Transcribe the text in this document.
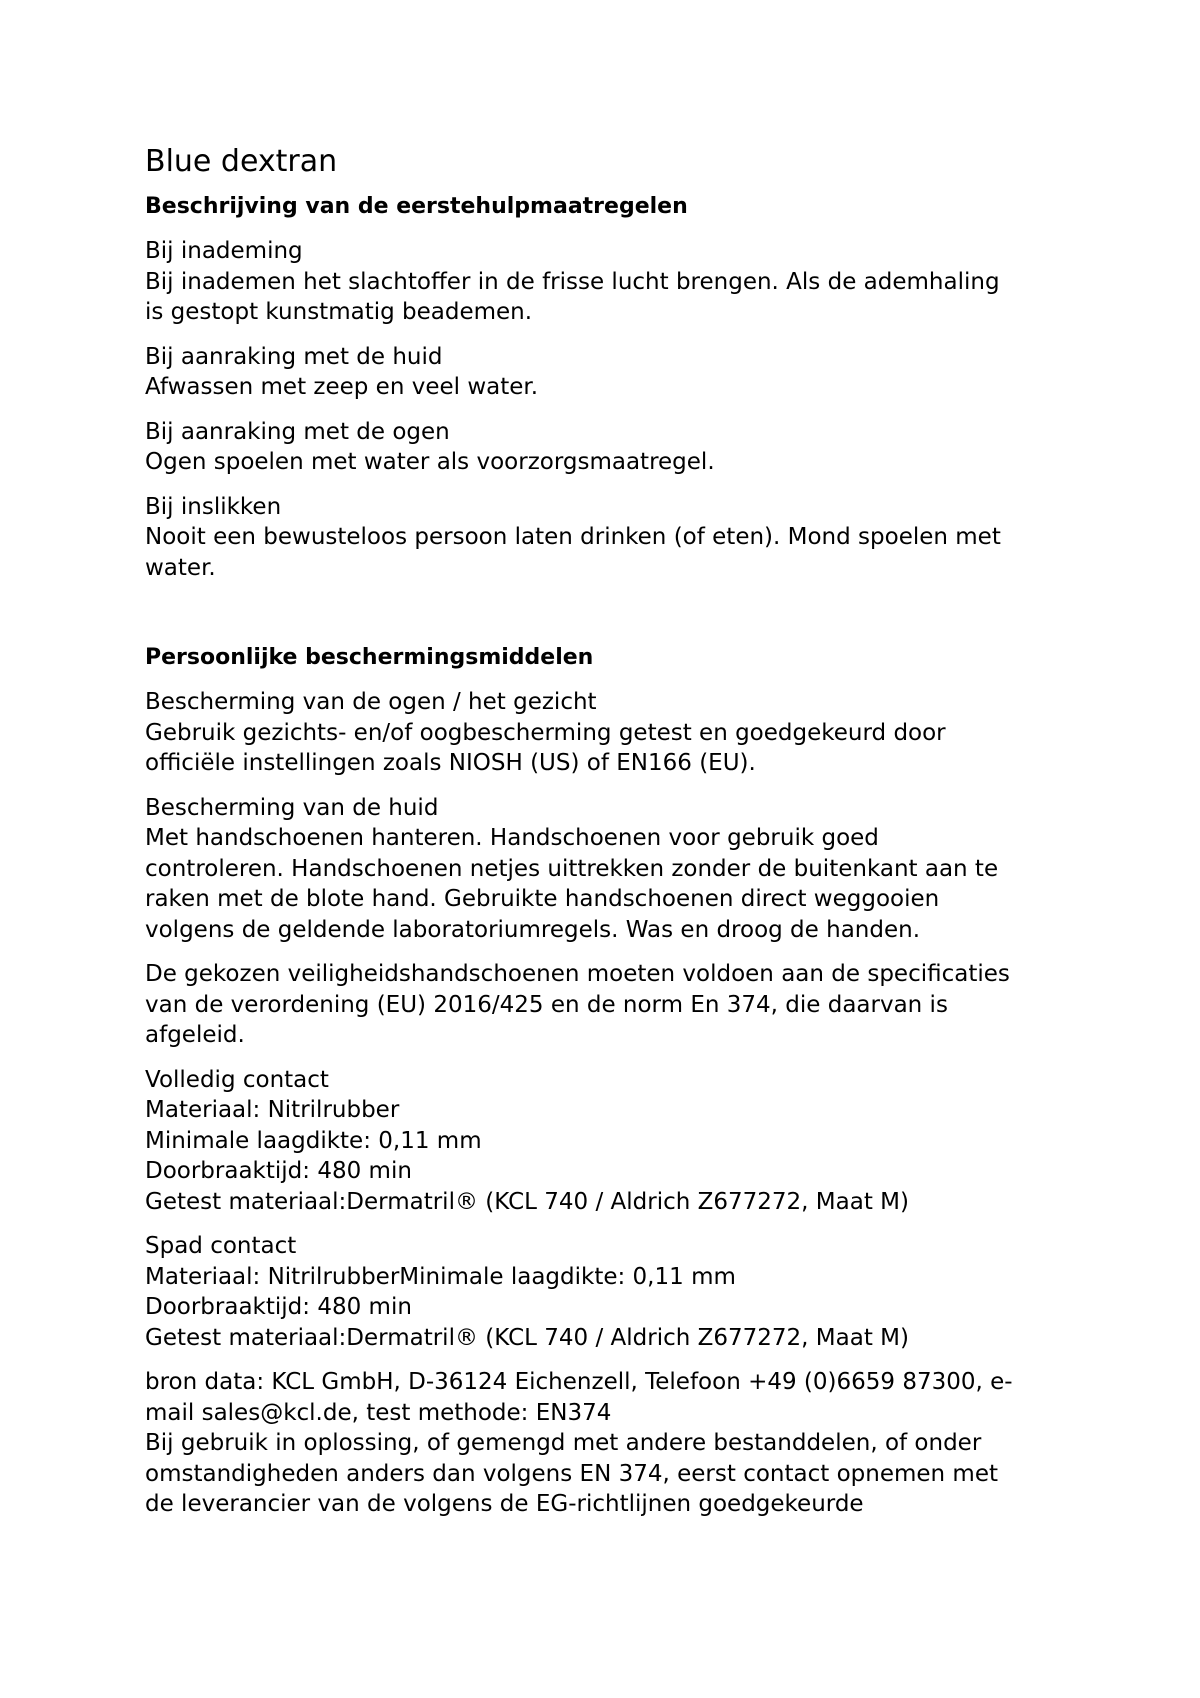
Blue dextran
Beschrijving van de eerstehulpmaatregelen
Bij inademing
Bij inademen het slachtoffer in de frisse lucht brengen. Als de ademhaling
is gestopt kunstmatig beademen.
Bij aanraking met de huid
Afwassen met zeep en veel water.
Bij aanraking met de ogen
Ogen spoelen met water als voorzorgsmaatregel.
Bij inslikken
Nooit een bewusteloos persoon laten drinken (of eten). Mond spoelen met
water.
Persoonlijke beschermingsmiddelen
Bescherming van de ogen / het gezicht
Gebruik gezichts- en/of oogbescherming getest en goedgekeurd door
officiële instellingen zoals NIOSH (US) of EN166 (EU).
Bescherming van de huid
Met handschoenen hanteren. Handschoenen voor gebruik goed
controleren. Handschoenen netjes uittrekken zonder de buitenkant aan te
raken met de blote hand. Gebruikte handschoenen direct weggooien
volgens de geldende laboratoriumregels. Was en droog de handen.
De gekozen veiligheidshandschoenen moeten voldoen aan de specificaties
van de verordening (EU) 2016/425 en de norm En 374, die daarvan is
afgeleid.
Volledig contact
Materiaal: Nitrilrubber
Minimale laagdikte: 0,11 mm
Doorbraaktijd: 480 min
Getest materiaal:Dermatril® (KCL 740 / Aldrich Z677272, Maat M)
Spad contact
Materiaal: NitrilrubberMinimale laagdikte: 0,11 mm
Doorbraaktijd: 480 min
Getest materiaal:Dermatril® (KCL 740 / Aldrich Z677272, Maat M)
bron data: KCL GmbH, D-36124 Eichenzell, Telefoon +49 (0)6659 87300, e-
mail sales@kcl.de, test methode: EN374
Bij gebruik in oplossing, of gemengd met andere bestanddelen, of onder
omstandigheden anders dan volgens EN 374, eerst contact opnemen met
de leverancier van de volgens de EG-richtlijnen goedgekeurde
